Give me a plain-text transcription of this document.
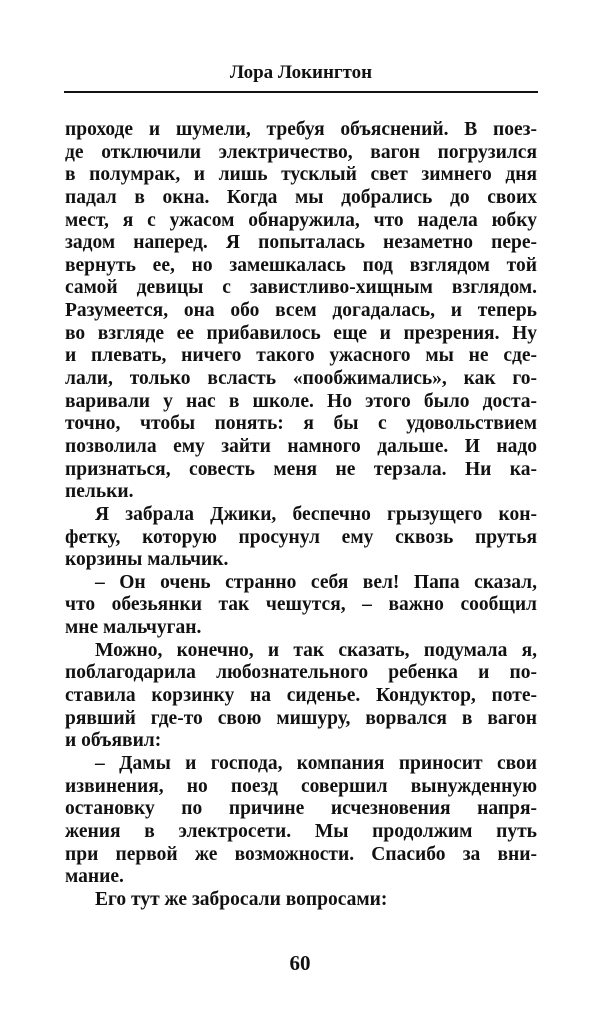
Лора Локингтон
проходе и шумели, требуя объяснений. В поез-
де отключили электричество, вагон погрузился
в полумрак, и лишь тусклый свет зимнего дня
падал в окна. Когда мы добрались до своих
мест, я с ужасом обнаружила, что надела юбку
задом наперед. Я попыталась незаметно пере-
вернуть ее, но замешкалась под взглядом той
самой девицы с завистливо-хищным взглядом.
Разумеется, она обо всем догадалась, и теперь
во взгляде ее прибавилось еще и презрения. Ну
и плевать, ничего такого ужасного мы не сде-
лали, только всласть «пообжимались», как го-
варивали у нас в школе. Но этого было доста-
точно, чтобы понять: я бы с удовольствием
позволила ему зайти намного дальше. И надо
признаться, совесть меня не терзала. Ни ка-
пельки.
Я забрала Джики, беспечно грызущего кон-
фетку, которую просунул ему сквозь прутья
корзины мальчик.
– Он очень странно себя вел! Папа сказал,
что обезьянки так чешутся, – важно сообщил
мне мальчуган.
Можно, конечно, и так сказать, подумала я,
поблагодарила любознательного ребенка и по-
ставила корзинку на сиденье. Кондуктор, поте-
рявший где-то свою мишуру, ворвался в вагон
и объявил:
– Дамы и господа, компания приносит свои
извинения, но поезд совершил вынужденную
остановку по причине исчезновения напря-
жения в электросети. Мы продолжим путь
при первой же возможности. Спасибо за вни-
мание.
Его тут же забросали вопросами:
60
